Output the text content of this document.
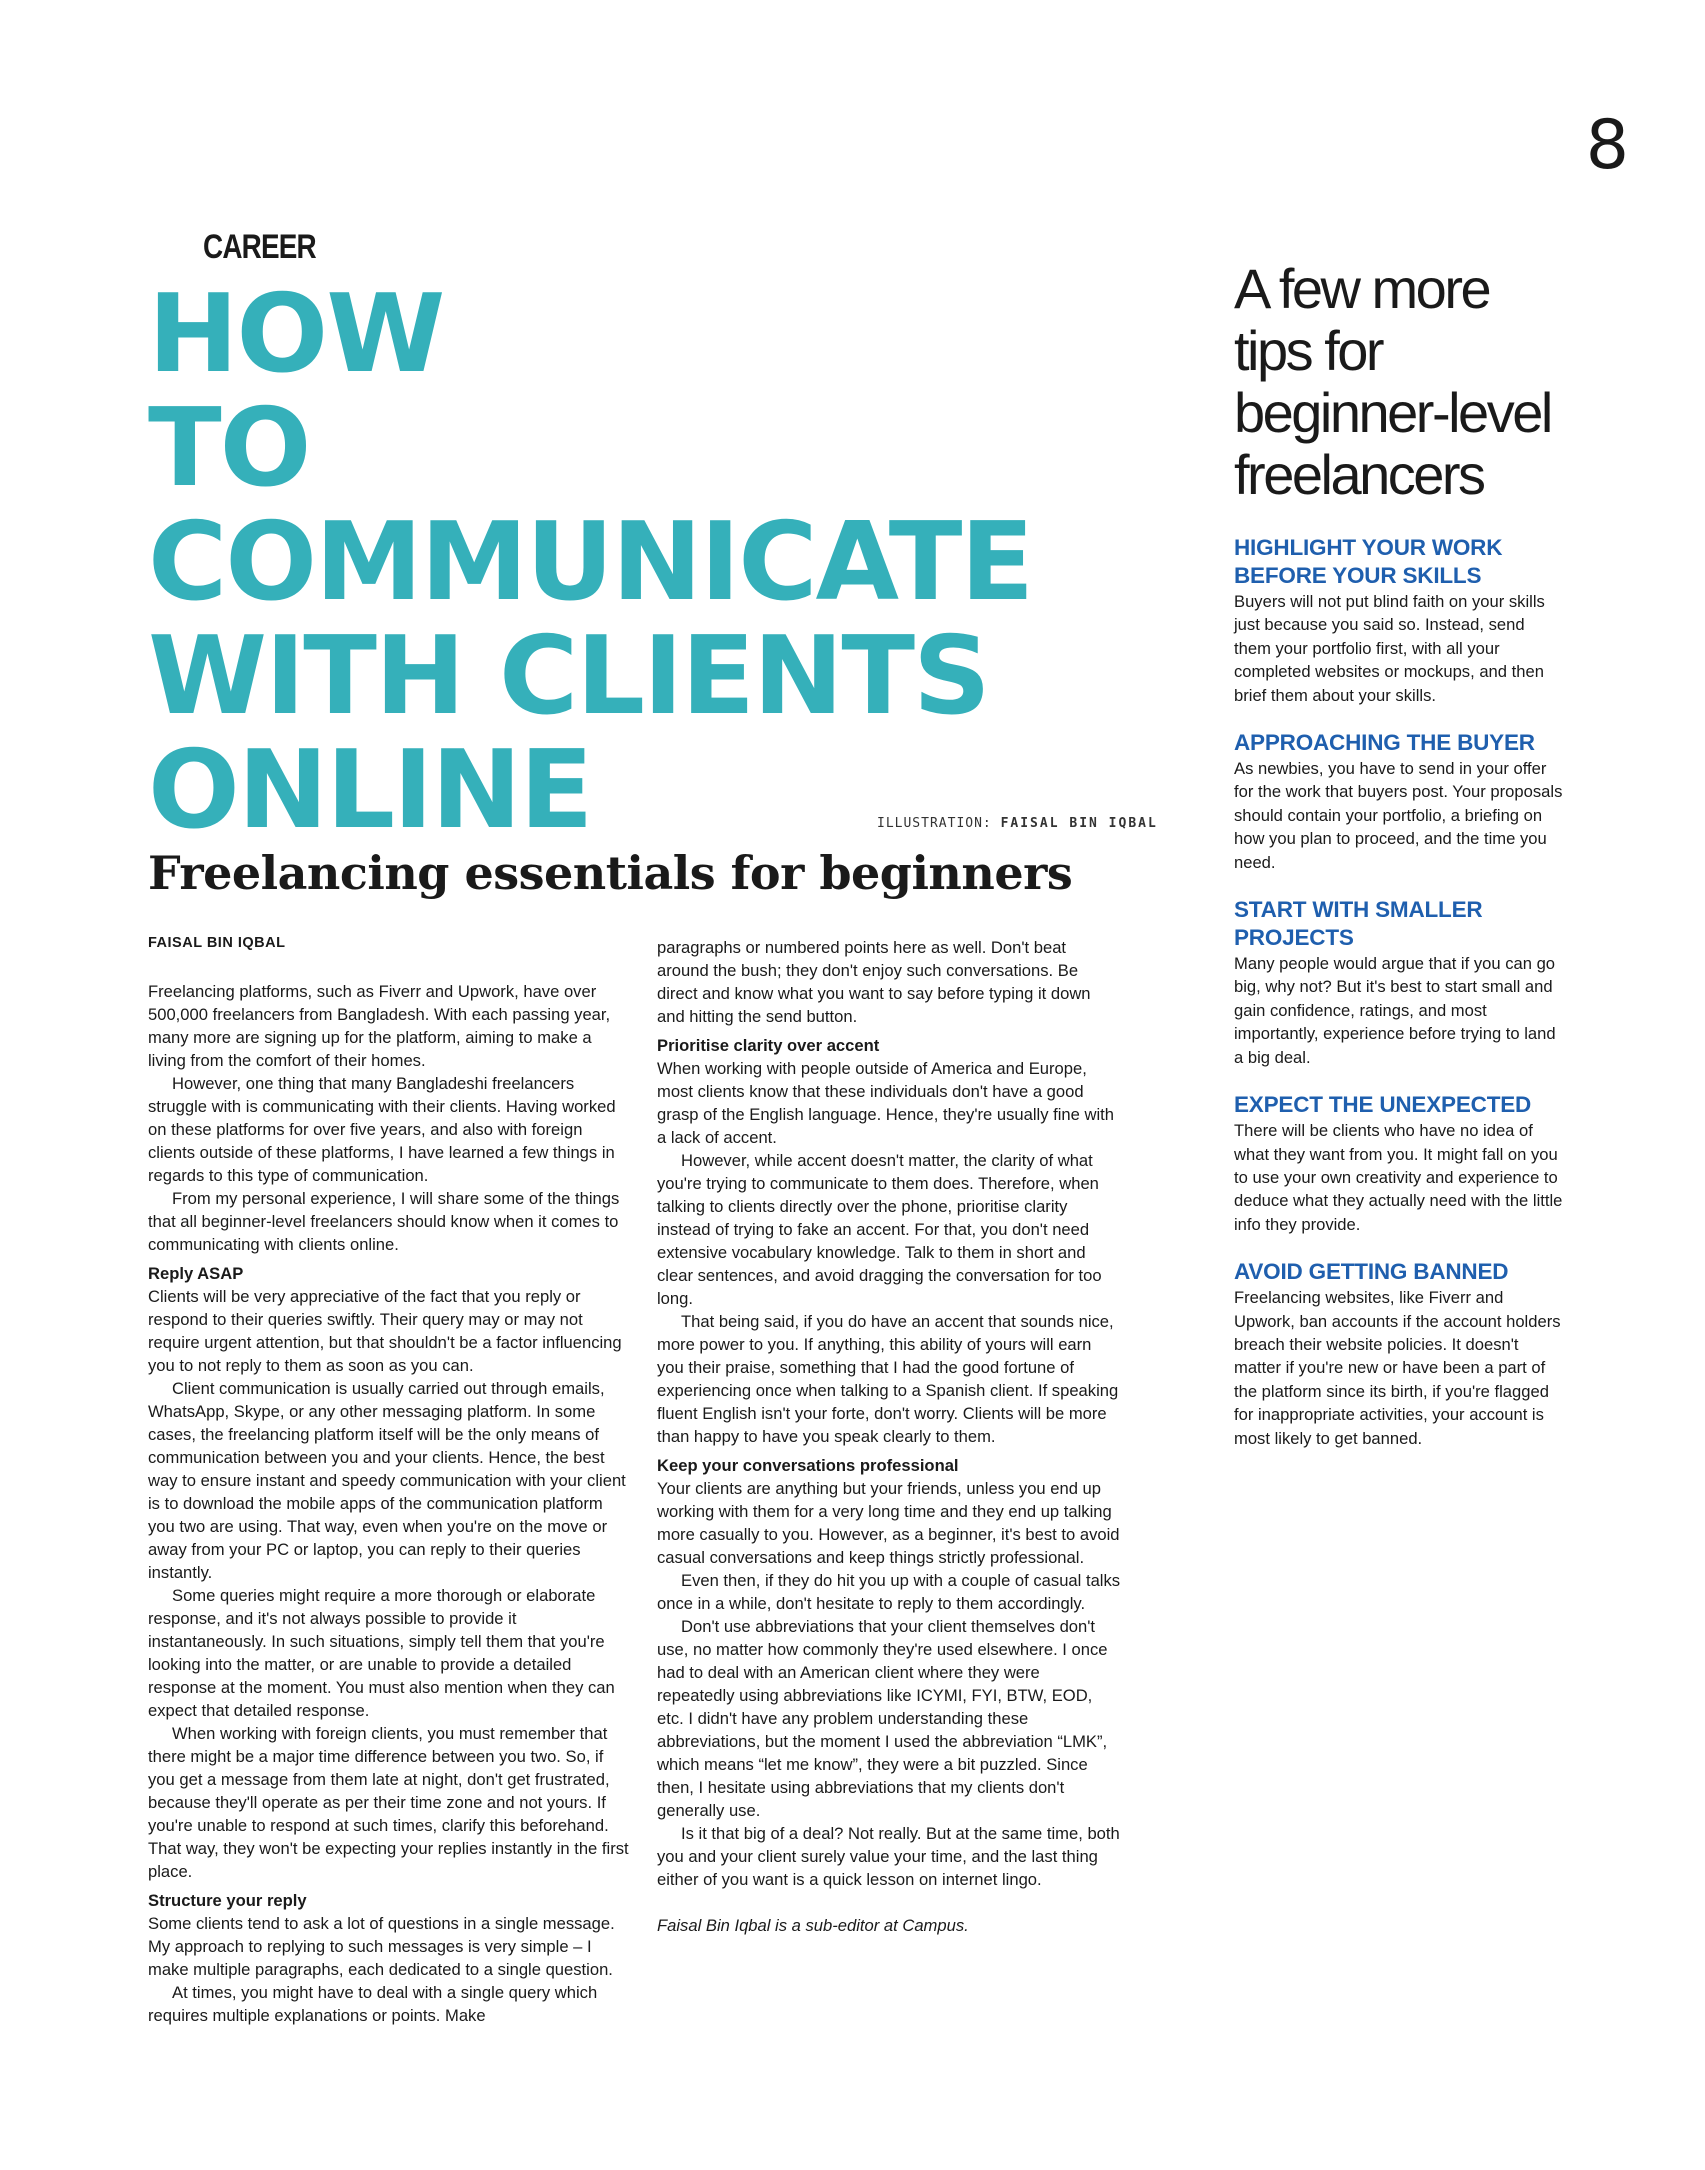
8
CAREER
HOW
TO
COMMUNICATE
WITH CLIENTS
ONLINE	ILLUSTRATION: FAISAL BIN IQBAL
Freelancing essentials for beginners

FAISAL BIN IQBAL

Freelancing platforms, such as Fiverr and Upwork, have over 500,000 freelancers from Bangladesh. With each passing year, many more are signing up for the platform, aiming to make a living from the comfort of their homes.

However, one thing that many Bangladeshi freelancers struggle with is communicating with their clients. Having worked on these platforms for over five years, and also with foreign clients outside of these platforms, I have learned a few things in regards to this type of communication.

From my personal experience, I will share some of the things that all beginner-level freelancers should know when it comes to communicating with clients online.

Reply ASAP

Clients will be very appreciative of the fact that you reply or respond to their queries swiftly. Their query may or may not require urgent attention, but that shouldn't be a factor influencing you to not reply to them as soon as you can.

Client communication is usually carried out through emails, WhatsApp, Skype, or any other messaging platform. In some cases, the freelancing platform itself will be the only means of communication between you and your clients. Hence, the best way to ensure instant and speedy communication with your client is to download the mobile apps of the communication platform you two are using. That way, even when you're on the move or away from your PC or laptop, you can reply to their queries instantly.

Some queries might require a more thorough or elaborate response, and it's not always possible to provide it instantaneously. In such situations, simply tell them that you're looking into the matter, or are unable to provide a detailed response at the moment. You must also mention when they can expect that detailed response.

When working with foreign clients, you must remember that there might be a major time difference between you two. So, if you get a message from them late at night, don't get frustrated, because they'll operate as per their time zone and not yours. If you're unable to respond at such times, clarify this beforehand. That way, they won't be expecting your replies instantly in the first place.

Structure your reply

Some clients tend to ask a lot of questions in a single message. My approach to replying to such messages is very simple – I make multiple paragraphs, each dedicated to a single question.

At times, you might have to deal with a single query which requires multiple explanations or points. Make

paragraphs or numbered points here as well. Don't beat around the bush; they don't enjoy such conversations. Be direct and know what you want to say before typing it down and hitting the send button.

Prioritise clarity over accent

When working with people outside of America and Europe, most clients know that these individuals don't have a good grasp of the English language. Hence, they're usually fine with a lack of accent.

However, while accent doesn't matter, the clarity of what you're trying to communicate to them does. Therefore, when talking to clients directly over the phone, prioritise clarity instead of trying to fake an accent. For that, you don't need extensive vocabulary knowledge. Talk to them in short and clear sentences, and avoid dragging the conversation for too long.

That being said, if you do have an accent that sounds nice, more power to you. If anything, this ability of yours will earn you their praise, something that I had the good fortune of experiencing once when talking to a Spanish client. If speaking fluent English isn't your forte, don't worry. Clients will be more than happy to have you speak clearly to them.

Keep your conversations professional

Your clients are anything but your friends, unless you end up working with them for a very long time and they end up talking more casually to you. However, as a beginner, it's best to avoid casual conversations and keep things strictly professional.

Even then, if they do hit you up with a couple of casual talks once in a while, don't hesitate to reply to them accordingly.

Don't use abbreviations that your client themselves don't use, no matter how commonly they're used elsewhere. I once had to deal with an American client where they were repeatedly using abbreviations like ICYMI, FYI, BTW, EOD, etc. I didn't have any problem understanding these abbreviations, but the moment I used the abbreviation “LMK”, which means “let me know”, they were a bit puzzled. Since then, I hesitate using abbreviations that my clients don't generally use.

Is it that big of a deal? Not really. But at the same time, both you and your client surely value your time, and the last thing either of you want is a quick lesson on internet lingo.

Faisal Bin Iqbal is a sub-editor at Campus.

A few more tips for beginner-level freelancers
HIGHLIGHT YOUR WORK BEFORE YOUR SKILLS

Buyers will not put blind faith on your skills just because you said so. Instead, send them your portfolio first, with all your completed websites or mockups, and then brief them about your skills.

APPROACHING THE BUYER

As newbies, you have to send in your offer for the work that buyers post. Your proposals should contain your portfolio, a briefing on how you plan to proceed, and the time you need.

START WITH SMALLER PROJECTS

Many people would argue that if you can go big, why not? But it's best to start small and gain confidence, ratings, and most importantly, experience before trying to land a big deal.

EXPECT THE UNEXPECTED

There will be clients who have no idea of what they want from you. It might fall on you to use your own creativity and experience to deduce what they actually need with the little info they provide.

AVOID GETTING BANNED

Freelancing websites, like Fiverr and Upwork, ban accounts if the account holders breach their website policies. It doesn't matter if you're new or have been a part of the platform since its birth, if you're flagged for inappropriate activities, your account is most likely to get banned.
